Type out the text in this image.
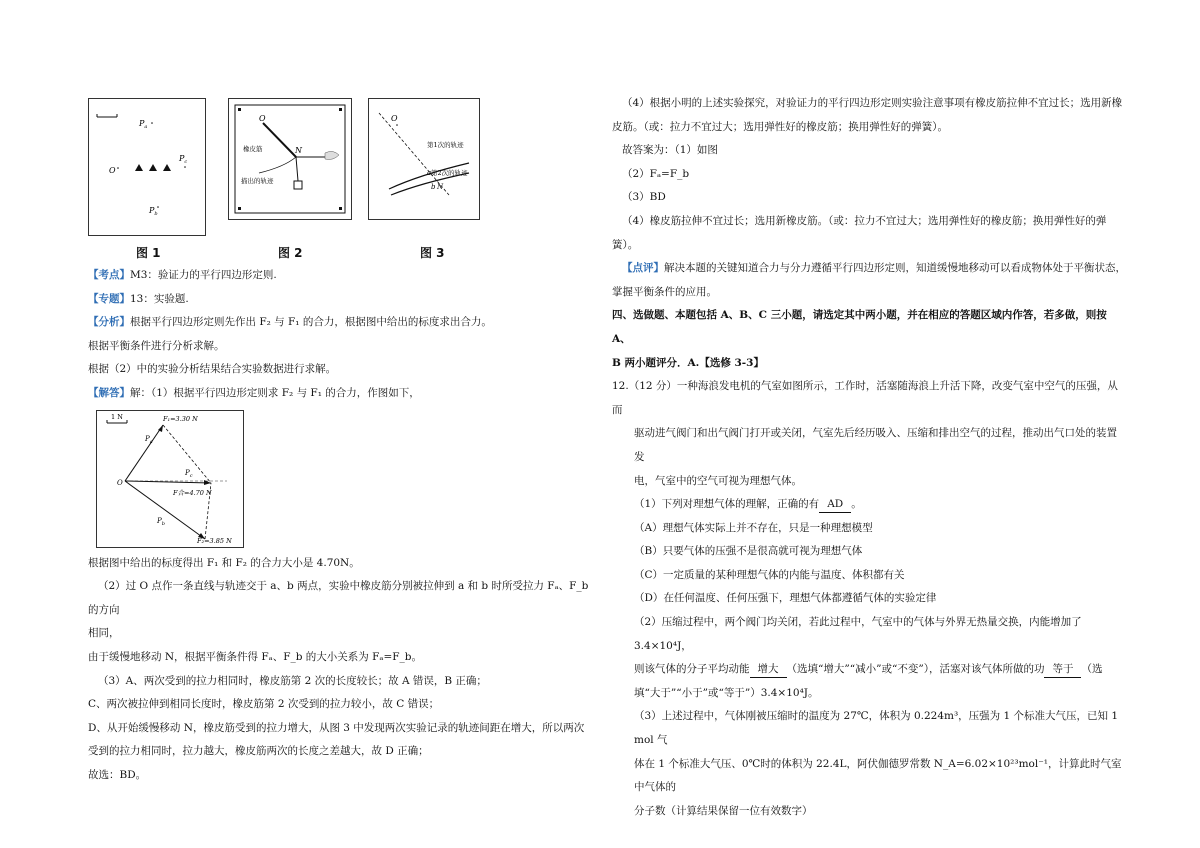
$P_a$
O
$P_c$
$P_b$
O
N
橡皮筋
描出的轨迹
O
第1次的轨迹
第2次的轨迹
a
b N
图 1	图 2	图 3

【考点】M3：验证力的平行四边形定则.

【专题】13：实验题.

【分析】根据平行四边形定则先作出 F₂ 与 F₁ 的合力，根据图中给出的标度求出合力。

根据平衡条件进行分析求解。

根据（2）中的实验分析结果结合实验数据进行求解。

【解答】解：（1）根据平行四边形定则求 F₂ 与 F₁ 的合力，作图如下，

1 N	F₁=3.30 N
O
$P_a$
$P_c$
$P_b$
F合=4.70 N
F₂=3.85 N

根据图中给出的标度得出 F₁ 和 F₂ 的合力大小是 4.70N。

（2）过 O 点作一条直线与轨迹交于 a、b 两点，实验中橡皮筋分别被拉伸到 a 和 b 时所受拉力 Fₐ、F_b 的方向

相同，

由于缓慢地移动 N，根据平衡条件得 Fₐ、F_b 的大小关系为 Fₐ=F_b。

（3）A、两次受到的拉力相同时，橡皮筋第 2 次的长度较长；故 A 错误，B 正确；

C、两次被拉伸到相同长度时，橡皮筋第 2 次受到的拉力较小，故 C 错误；

D、从开始缓慢移动 N，橡皮筋受到的拉力增大，从图 3 中发现两次实验记录的轨迹间距在增大，所以两次

受到的拉力相同时，拉力越大，橡皮筋两次的长度之差越大，故 D 正确；

故选：BD。

（4）根据小明的上述实验探究，对验证力的平行四边形定则实验注意事项有橡皮筋拉伸不宜过长；选用新橡

皮筋。（或：拉力不宜过大；选用弹性好的橡皮筋；换用弹性好的弹簧）。

故答案为：（1）如图

（2）Fₐ=F_b

（3）BD

（4）橡皮筋拉伸不宜过长；选用新橡皮筋。（或：拉力不宜过大；选用弹性好的橡皮筋；换用弹性好的弹簧）。

【点评】解决本题的关键知道合力与分力遵循平行四边形定则，知道缓慢地移动可以看成物体处于平衡状态，

掌握平衡条件的应用。

四、选做题、本题包括 A、B、C 三小题，请选定其中两小题，并在相应的答题区域内作答，若多做，则按 A、

B 两小题评分．A.【选修 3-3】

12.（12 分）一种海浪发电机的气室如图所示，工作时，活塞随海浪上升活下降，改变气室中空气的压强，从而

驱动进气阀门和出气阀门打开或关闭，气室先后经历吸入、压缩和排出空气的过程，推动出气口处的装置发

电，气室中的空气可视为理想气体。

（1）下列对理想气体的理解，正确的有 AD 。

（A）理想气体实际上并不存在，只是一种理想模型

（B）只要气体的压强不是很高就可视为理想气体

（C）一定质量的某种理想气体的内能与温度、体积都有关

（D）在任何温度、任何压强下，理想气体都遵循气体的实验定律

（2）压缩过程中，两个阀门均关闭，若此过程中，气室中的气体与外界无热量交换，内能增加了 3.4×10⁴J，

则该气体的分子平均动能 增大 （选填“增大”“减小”或“不变”），活塞对该气体所做的功 等于 （选

填“大于”“小于”或“等于”）3.4×10⁴J。

（3）上述过程中，气体刚被压缩时的温度为 27℃，体积为 0.224m³，压强为 1 个标准大气压，已知 1 mol 气

体在 1 个标准大气压、0℃时的体积为 22.4L，阿伏伽德罗常数 N_A=6.02×10²³mol⁻¹，计算此时气室中气体的

分子数（计算结果保留一位有效数字）
